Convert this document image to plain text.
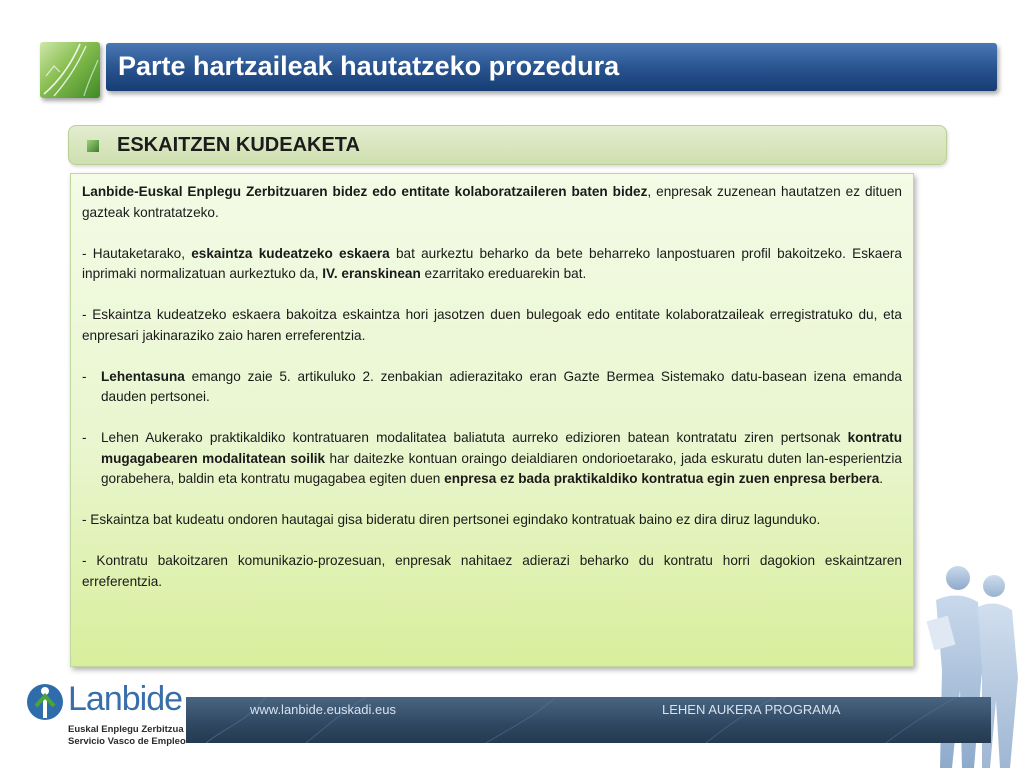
Parte hartzaileak hautatzeko prozedura
ESKAITZEN KUDEAKETA

Lanbide-Euskal Enplegu Zerbitzuaren bidez edo entitate kolaboratzaileren baten bidez, enpresak zuzenean hautatzen ez dituen gazteak kontratatzeko.

- Hautaketarako, eskaintza kudeatzeko eskaera bat aurkeztu beharko da bete beharreko lanpostuaren profil bakoitzeko. Eskaera inprimaki normalizatuan aurkeztuko da, IV. eranskinean ezarritako ereduarekin bat.

- Eskaintza kudeatzeko eskaera bakoitza eskaintza hori jasotzen duen bulegoak edo entitate kolaboratzaileak erregistratuko du, eta enpresari jakinaraziko zaio haren erreferentzia.

- Lehentasuna emango zaie 5. artikuluko 2. zenbakian adierazitako eran Gazte Bermea Sistemako datu-basean izena emanda dauden pertsonei.

- Lehen Aukerako praktikaldiko kontratuaren modalitatea baliatuta aurreko edizioren batean kontratatu ziren pertsonak kontratu mugagabearen modalitatean soilik har daitezke kontuan oraingo deialdiaren ondorioetarako, jada eskuratu duten lan-esperientzia gorabehera, baldin eta kontratu mugagabea egiten duen enpresa ez bada praktikaldiko kontratua egin zuen enpresa berbera.

- Eskaintza bat kudeatu ondoren hautagai gisa bideratu diren pertsonei egindako kontratuak baino ez dira diruz lagunduko.

- Kontratu bakoitzaren komunikazio-prozesuan, enpresak nahitaez adierazi beharko du kontratu horri dagokion eskaintzaren erreferentzia.

Lanbide
Euskal Enplegu Zerbitzua
Servicio Vasco de Empleo
www.lanbide.euskadi.eus	LEHEN AUKERA PROGRAMA
